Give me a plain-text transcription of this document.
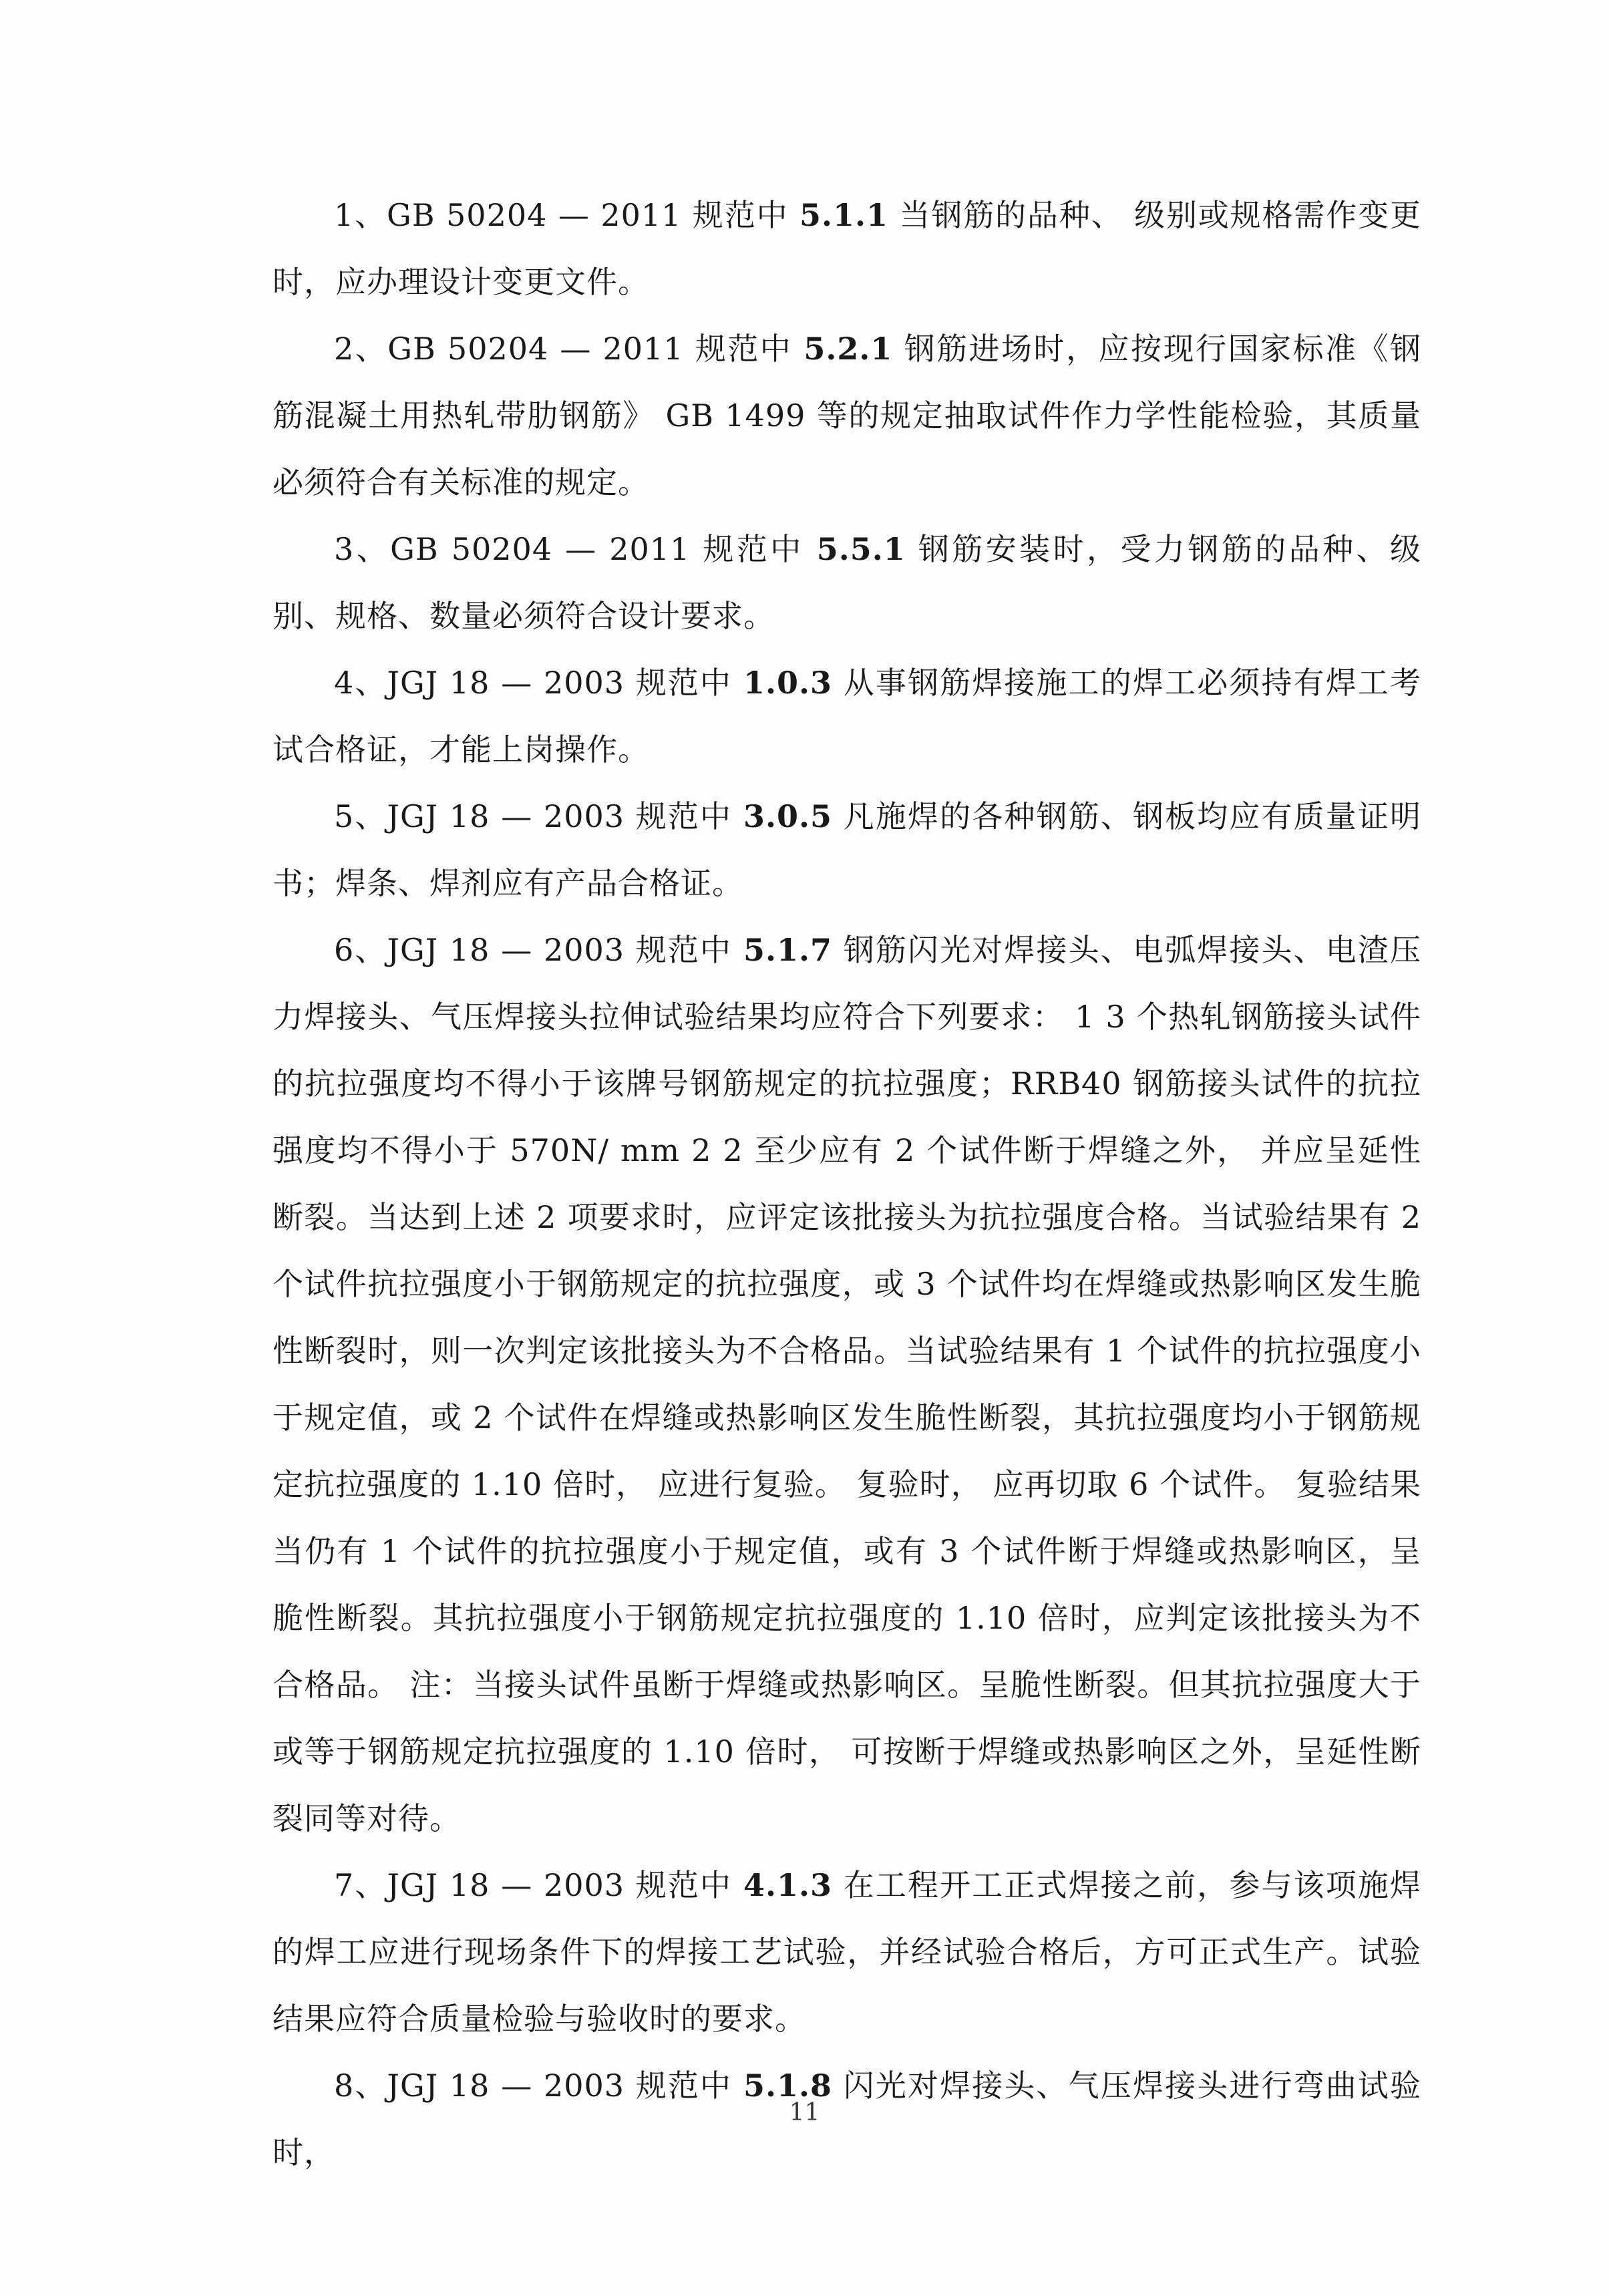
1、GB 50204 — 2011 规范中 5.1.1 当钢筋的品种、 级别或规格需作变更时，应办理设计变更文件。

2、GB 50204 — 2011 规范中 5.2.1 钢筋进场时，应按现行国家标准《钢筋混凝土用热轧带肋钢筋》 GB 1499 等的规定抽取试件作力学性能检验，其质量必须符合有关标准的规定。

3、GB 50204 — 2011 规范中 5.5.1 钢筋安装时，受力钢筋的品种、级别、规格、数量必须符合设计要求。

4、JGJ 18 — 2003 规范中 1.0.3 从事钢筋焊接施工的焊工必须持有焊工考试合格证，才能上岗操作。

5、JGJ 18 — 2003 规范中 3.0.5 凡施焊的各种钢筋、钢板均应有质量证明书；焊条、焊剂应有产品合格证。

6、JGJ 18 — 2003 规范中 5.1.7 钢筋闪光对焊接头、电弧焊接头、电渣压力焊接头、气压焊接头拉伸试验结果均应符合下列要求： 1 3 个热轧钢筋接头试件的抗拉强度均不得小于该牌号钢筋规定的抗拉强度；RRB40 钢筋接头试件的抗拉强度均不得小于 570N/ mm 2 2 至少应有 2 个试件断于焊缝之外， 并应呈延性断裂。当达到上述 2 项要求时，应评定该批接头为抗拉强度合格。当试验结果有 2 个试件抗拉强度小于钢筋规定的抗拉强度，或 3 个试件均在焊缝或热影响区发生脆性断裂时，则一次判定该批接头为不合格品。当试验结果有 1 个试件的抗拉强度小于规定值，或 2 个试件在焊缝或热影响区发生脆性断裂，其抗拉强度均小于钢筋规定抗拉强度的 1.10 倍时， 应进行复验。 复验时， 应再切取 6 个试件。 复验结果当仍有 1 个试件的抗拉强度小于规定值，或有 3 个试件断于焊缝或热影响区，呈脆性断裂。其抗拉强度小于钢筋规定抗拉强度的 1.10 倍时，应判定该批接头为不合格品。 注：当接头试件虽断于焊缝或热影响区。呈脆性断裂。但其抗拉强度大于或等于钢筋规定抗拉强度的 1.10 倍时， 可按断于焊缝或热影响区之外，呈延性断裂同等对待。

7、JGJ 18 — 2003 规范中 4.1.3 在工程开工正式焊接之前，参与该项施焊的焊工应进行现场条件下的焊接工艺试验，并经试验合格后，方可正式生产。试验结果应符合质量检验与验收时的要求。

8、JGJ 18 — 2003 规范中 5.1.8 闪光对焊接头、气压焊接头进行弯曲试验时，

11
